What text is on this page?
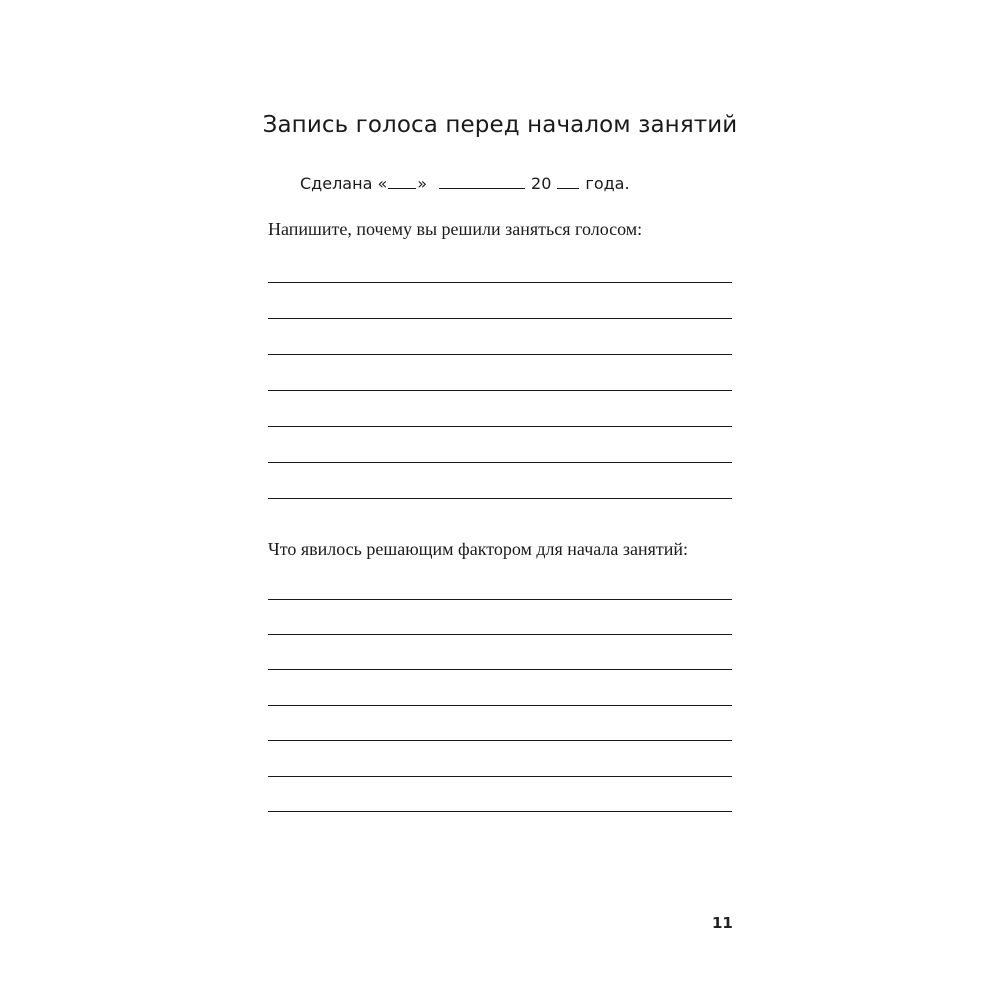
Запись голоса перед началом занятий
Сделана « »	20 года.
Напишите, почему вы решили заняться голосом:
Что явилось решающим фактором для начала занятий:
11
